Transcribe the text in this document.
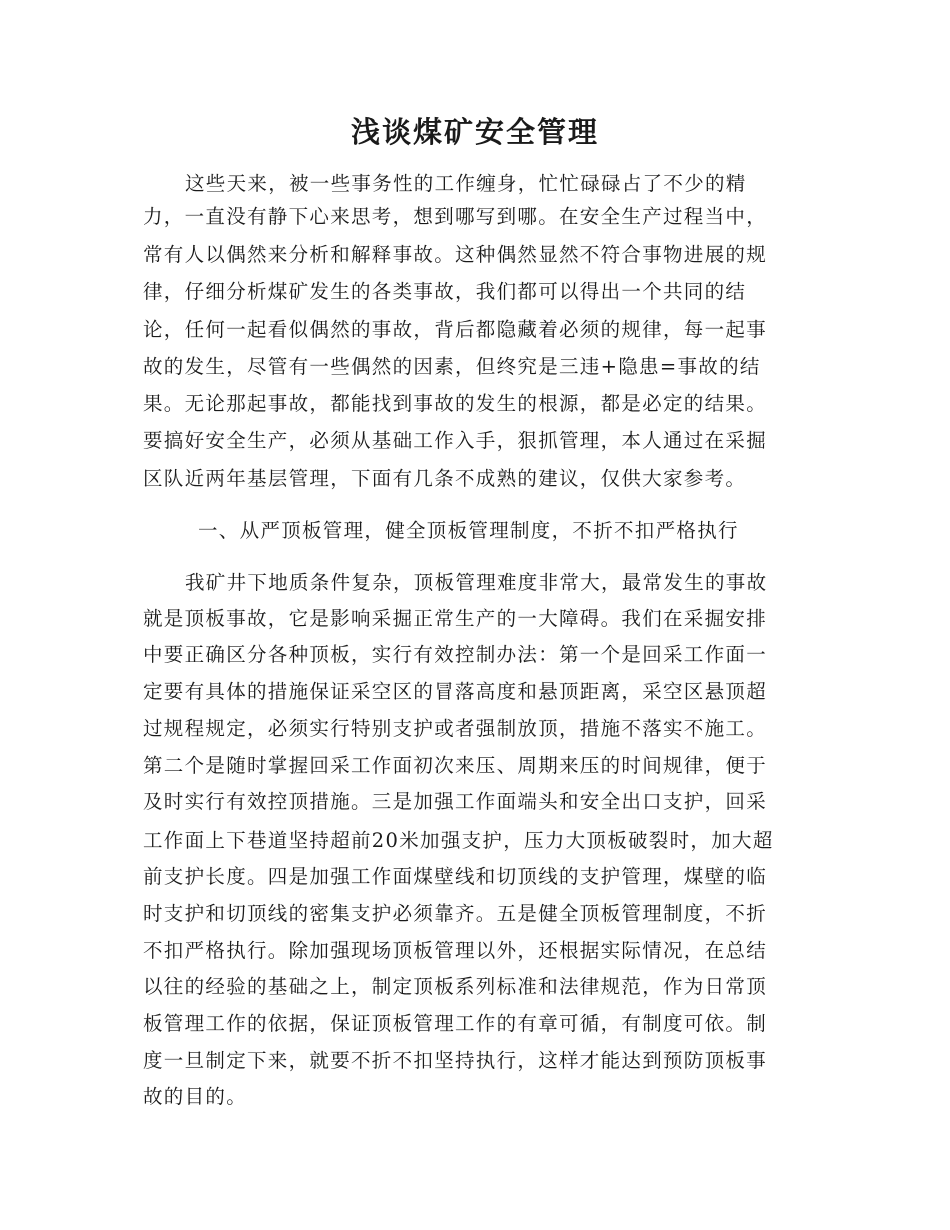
浅谈煤矿安全管理

这些天来，被一些事务性的工作缠身，忙忙碌碌占了不少的精

力，一直没有静下心来思考，想到哪写到哪。在安全生产过程当中，

常有人以偶然来分析和解释事故。这种偶然显然不符合事物进展的规

律，仔细分析煤矿发生的各类事故，我们都可以得出一个共同的结

论，任何一起看似偶然的事故，背后都隐藏着必须的规律，每一起事

故的发生，尽管有一些偶然的因素，但终究是三违+隐患=事故的结

果。无论那起事故，都能找到事故的发生的根源，都是必定的结果。

要搞好安全生产，必须从基础工作入手，狠抓管理，本人通过在采掘

区队近两年基层管理，下面有几条不成熟的建议，仅供大家参考。

一、从严顶板管理，健全顶板管理制度，不折不扣严格执行

我矿井下地质条件复杂，顶板管理难度非常大，最常发生的事故

就是顶板事故，它是影响采掘正常生产的一大障碍。我们在采掘安排

中要正确区分各种顶板，实行有效控制办法：第一个是回采工作面一

定要有具体的措施保证采空区的冒落高度和悬顶距离，采空区悬顶超

过规程规定，必须实行特别支护或者强制放顶，措施不落实不施工。

第二个是随时掌握回采工作面初次来压、周期来压的时间规律，便于

及时实行有效控顶措施。三是加强工作面端头和安全出口支护，回采

工作面上下巷道坚持超前20米加强支护，压力大顶板破裂时，加大超

前支护长度。四是加强工作面煤壁线和切顶线的支护管理，煤壁的临

时支护和切顶线的密集支护必须靠齐。五是健全顶板管理制度，不折

不扣严格执行。除加强现场顶板管理以外，还根据实际情况，在总结

以往的经验的基础之上，制定顶板系列标准和法律规范，作为日常顶

板管理工作的依据，保证顶板管理工作的有章可循，有制度可依。制

度一旦制定下来，就要不折不扣坚持执行，这样才能达到预防顶板事

故的目的。
